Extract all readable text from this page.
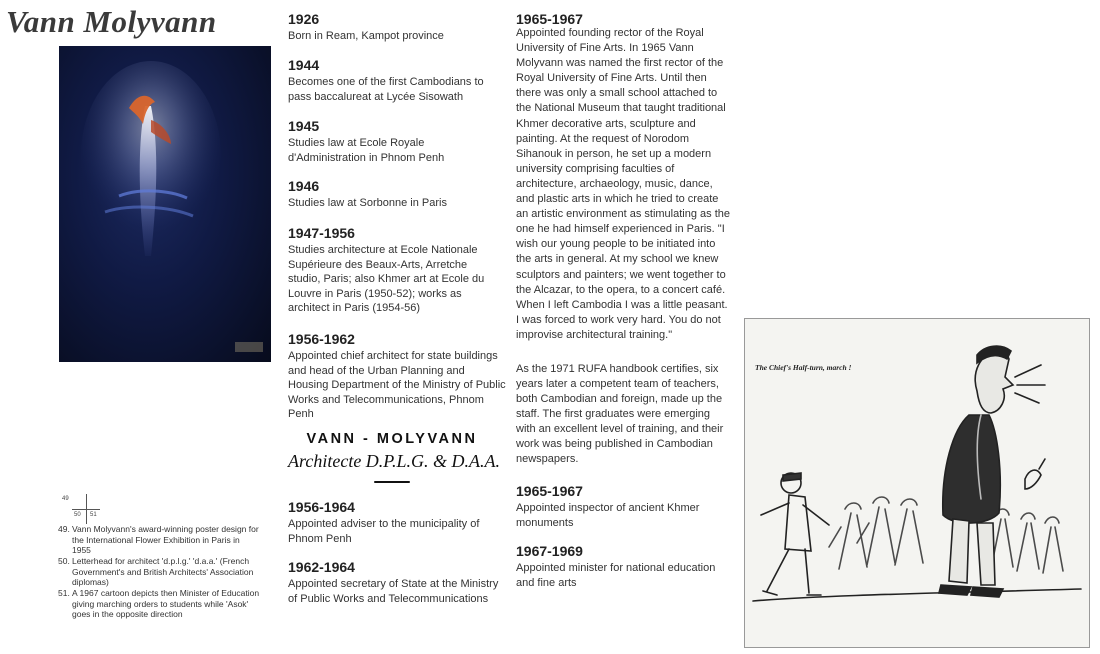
Vann Molyvann
49
50 51
49. Vann Molyvann's award-winning poster design for the International Flower Exhibition in Paris in 1955
50. Letterhead for architect 'd.p.l.g.' 'd.a.a.' (French Government's and British Architects' Association diplomas)
51. A 1967 cartoon depicts then Minister of Education giving marching orders to students while 'Asok' goes in the opposite direction
1926
Born in Ream, Kampot province
1944
Becomes one of the first Cambodians to pass baccalureat at Lycée Sisowath
1945
Studies law at Ecole Royale d'Administration in Phnom Penh
1946
Studies law at Sorbonne in Paris
1947-1956
Studies architecture at Ecole Nationale Supérieure des Beaux-Arts, Arretche studio, Paris; also Khmer art at Ecole du Louvre in Paris (1950-52); works as architect in Paris (1954-56)
1956-1962
Appointed chief architect for state buildings and head of the Urban Planning and Housing Department of the Ministry of Public Works and Telecommunications, Phnom Penh
VANN - MOLYVANN
Architecte D.P.L.G. & D.A.A.
1956-1964
Appointed adviser to the municipality of Phnom Penh
1962-1964
Appointed secretary of State at the Ministry of Public Works and Telecommunications
1965-1967
Appointed founding rector of the Royal University of Fine Arts. In 1965 Vann Molyvann was named the first rector of the Royal University of Fine Arts. Until then there was only a small school attached to the National Museum that taught traditional Khmer decorative arts, sculpture and painting. At the request of Norodom Sihanouk in person, he set up a modern university comprising faculties of architecture, archaeology, music, dance, and plastic arts in which he tried to create an artistic environment as stimulating as the one he had himself experienced in Paris. "I wish our young people to be initiated into the arts in general. At my school we knew sculptors and painters; we went together to the Alcazar, to the opera, to a concert café. When I left Cambodia I was a little peasant. I was forced to work very hard. You do not improvise architectural training."
As the 1971 RUFA handbook certifies, six years later a competent team of teachers, both Cambodian and foreign, made up the staff. The first graduates were emerging with an excellent level of training, and their work was being published in Cambodian newspapers.
1965-1967
Appointed inspector of ancient Khmer monuments
1967-1969
Appointed minister for national education and fine arts
The Chief's Half-turn, march !
